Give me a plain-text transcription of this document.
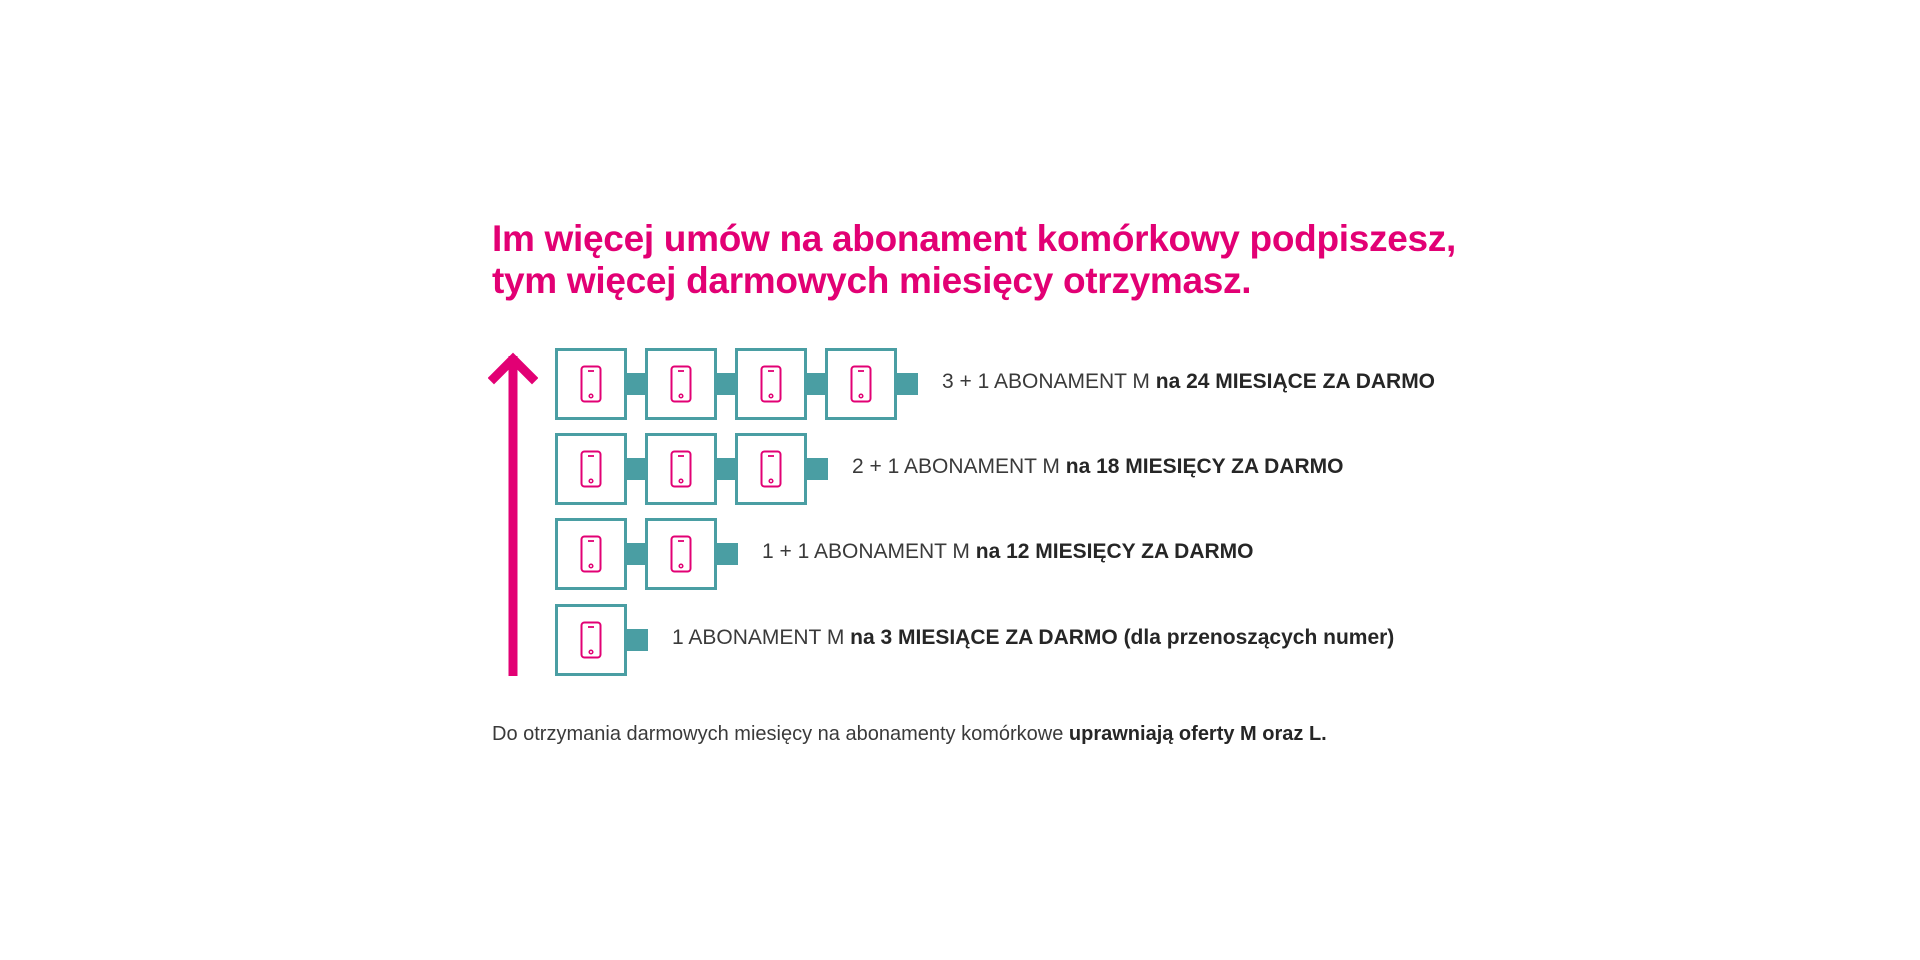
Im więcej umów na abonament komórkowy podpiszesz,
tym więcej darmowych miesięcy otrzymasz.
3 + 1 ABONAMENT M na 24 MIESIĄCE ZA DARMO
2 + 1 ABONAMENT M na 18 MIESIĘCY ZA DARMO
1 + 1 ABONAMENT M na 12 MIESIĘCY ZA DARMO
1 ABONAMENT M na 3 MIESIĄCE ZA DARMO (dla przenoszących numer)
Do otrzymania darmowych miesięcy na abonamenty komórkowe uprawniają oferty M oraz L.
